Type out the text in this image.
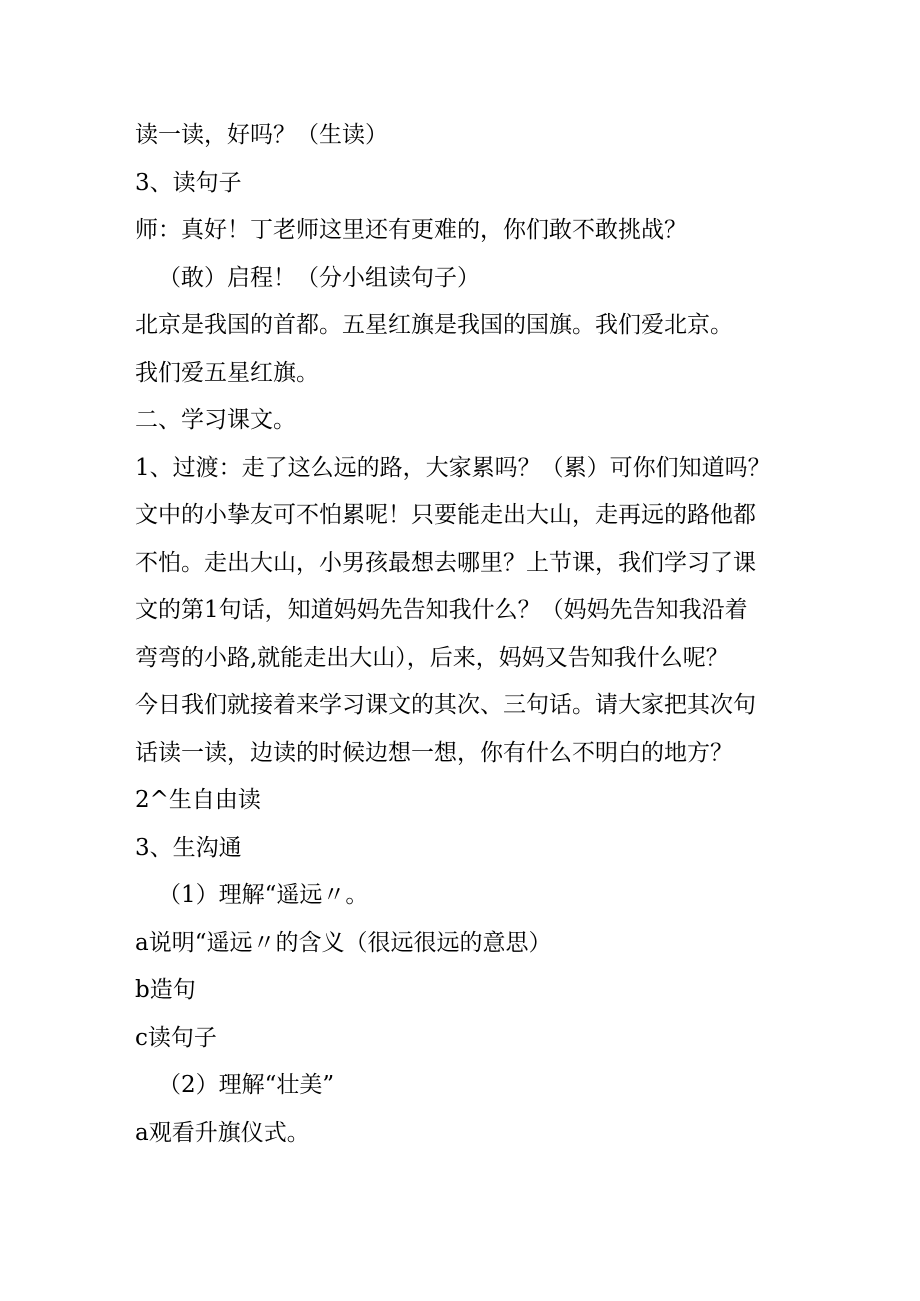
读一读，好吗？（生读）
3、读句子
师：真好！丁老师这里还有更难的，你们敢不敢挑战？
（敢）启程！（分小组读句子）
北京是我国的首都。五星红旗是我国的国旗。我们爱北京。
我们爱五星红旗。
二、学习课文。
1、过渡：走了这么远的路，大家累吗？（累）可你们知道吗？
文中的小挚友可不怕累呢！只要能走出大山，走再远的路他都
不怕。走出大山，小男孩最想去哪里？上节课，我们学习了课
文的第1句话，知道妈妈先告知我什么？（妈妈先告知我沿着
弯弯的小路,就能走出大山），后来，妈妈又告知我什么呢？
今日我们就接着来学习课文的其次、三句话。请大家把其次句
话读一读，边读的时候边想一想，你有什么不明白的地方？
2^生自由读
3、生沟通
（1）理解“遥远〃。
a说明“遥远〃的含义（很远很远的意思）
b造句
c读句子
（2）理解“壮美”
a观看升旗仪式。
